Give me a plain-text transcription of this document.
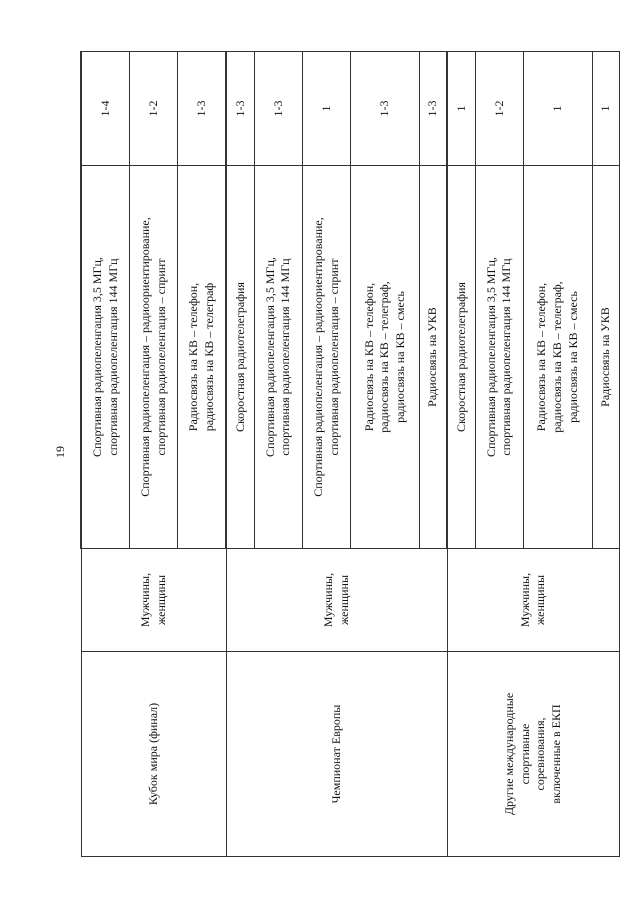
19
Кубок мира (финал)	Мужчины,
женщины	Спортивная радиопеленгация 3,5 МГц,
спортивная радиопеленгация 144 МГц	1-4
		Спортивная радиопеленгация – радиоориентирование,
спортивная радиопеленгация – спринт	1-2
		Радиосвязь на КВ – телефон,
радиосвязь на КВ – телеграф	1-3
Чемпионат Европы	Мужчины,
женщины	Скоростная радиотелеграфия	1-3
		Спортивная радиопеленгация 3,5 МГц,
спортивная радиопеленгация 144 МГц	1-3
		Спортивная радиопеленгация – радиоориентирование,
спортивная радиопеленгация – спринт	1
		Радиосвязь на КВ – телефон,
радиосвязь на КВ – телеграф,
радиосвязь на КВ – смесь	1-3
		Радиосвязь на УКВ	1-3
Другие международные
спортивные
соревнования,
включенные в ЕКП	Мужчины,
женщины	Скоростная радиотелеграфия	1
		Спортивная радиопеленгация 3,5 МГц,
спортивная радиопеленгация 144 МГц	1-2
		Радиосвязь на КВ – телефон,
радиосвязь на КВ – телеграф,
радиосвязь на КВ – смесь	1
		Радиосвязь на УКВ	1
